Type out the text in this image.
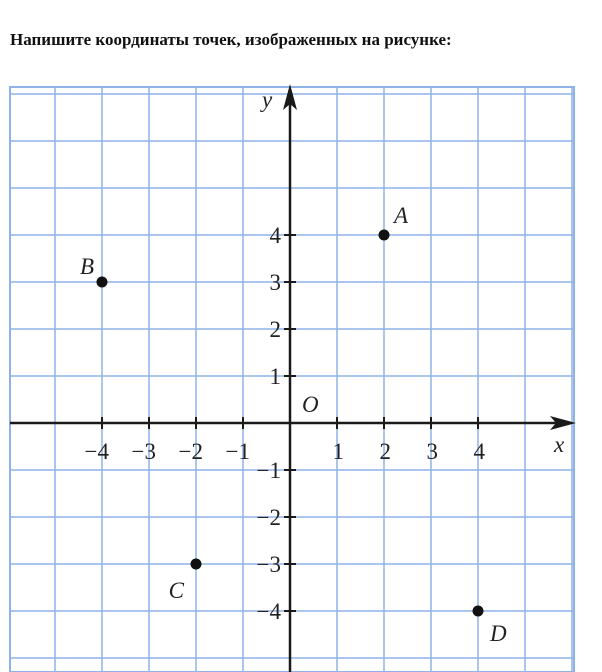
Напишите координаты точек, изображенных на рисунке:
x
y
O
−4 −3 −2 −1	1 2 3 4
4
3
2
1
−1
−2
−3
−4
A
B
C
D
